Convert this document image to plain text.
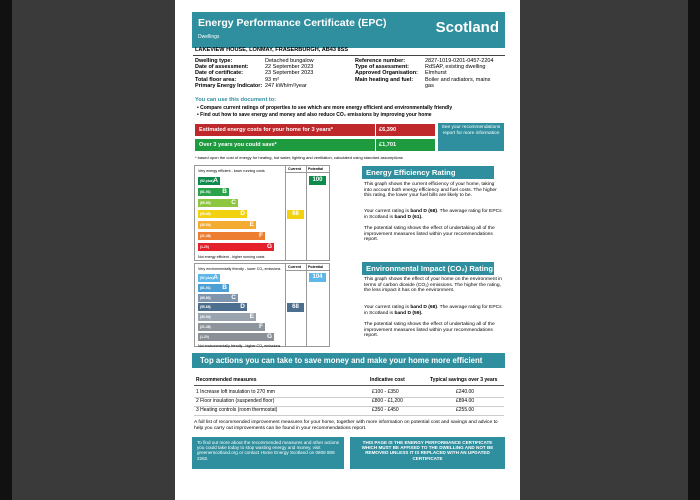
Energy Performance Certificate (EPC)
Dwellings
Scotland
LAKEVIEW HOUSE, LONMAY, FRASERBURGH, AB43 8SS
Dwelling type:	Detached bungalow
Date of assessment:	22 September 2023
Date of certificate:	23 September 2023
Total floor area:	93 m²
Primary Energy Indicator: 247 kWh/m²/year
Reference number:	2827-1019-0201-0457-2204
Type of assessment:	RdSAP, existing dwelling
Approved Organisation: Elmhurst
Main heating and fuel: Boiler and radiators, mains
gas
You can use this document to:
• Compare current ratings of properties to see which are more energy efficient and environmentally friendly
• Find out how to save energy and money and also reduce CO₂ emissions by improving your home
Estimated energy costs for your home for 3 years*	£6,390
Over 3 years you could save*	£1,701
See your recommendations report for more information
* based upon the cost of energy for heating, hot water, lighting and ventilation, calculated using standard assumptions
Very energy efficient - lower running costs	Current Potential
(92 plus) A
(81-91) B
(69-80)	C
(55-68)	D
(39-54)	E
(21-38)	F
(1-20)	G
Not energy efficient - higher running costs
68
100
Very environmentally friendly - lower CO₂ emissions Current Potential
(92 plus) A
(81-91) B
(69-80)	C
(55-68)	D
(39-54)	E
(21-38)	F
(1-20)	G
Not environmentally friendly - higher CO₂ emissions
68
104
Energy Efficiency Rating
This graph shows the current efficiency of your home, taking into account both energy efficiency and fuel costs. The higher this rating, the lower your fuel bills are likely to be.
Your current rating is band D (68). The average rating for EPCs in Scotland is band D (61).
The potential rating shows the effect of undertaking all of the improvement measures listed within your recommendations report.
Environmental Impact (CO₂) Rating
This graph shows the effect of your home on the environment in terms of carbon dioxide (CO₂) emissions. The higher the rating, the less impact it has on the environment.
Your current rating is band D (68). The average rating for EPCs in Scotland is band D (59).
The potential rating shows the effect of undertaking all of the improvement measures listed within your recommendations report.
Top actions you can take to save money and make your home more efficient
Recommended measures	Indicative cost	Typical savings over 3 years
1 Increase loft insulation to 270 mm	£100 - £350	£240.00
2 Floor insulation (suspended floor)	£800 - £1,200	£894.00
3 Heating controls (room thermostat)	£350 - £450	£255.00
A full list of recommended improvement measures for your home, together with more information on potential cost and savings and advice to help you carry out improvements can be found in your recommendations report.
To find out more about the recommended measures and other actions you could take today to stop wasting energy and money, visit greenerscotland.org or contact Home Energy Scotland on 0808 808 2282.
THIS PAGE IS THE ENERGY PERFORMANCE CERTIFICATE WHICH MUST BE AFFIXED TO THE DWELLING AND NOT BE REMOVED UNLESS IT IS REPLACED WITH AN UPDATED CERTIFICATE
